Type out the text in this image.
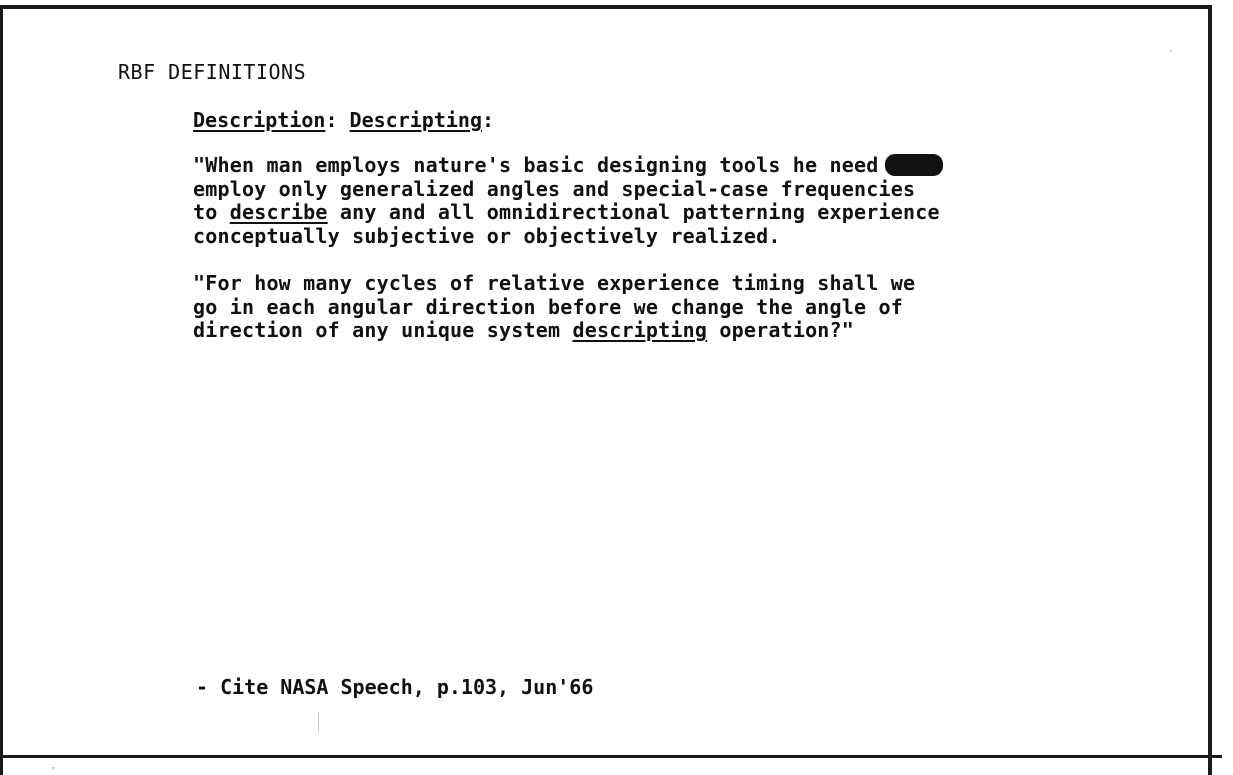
RBF DEFINITIONS
Description: Descripting:
"When man employs nature's basic designing tools he need
employ only generalized angles and special-case frequencies
to describe any and all omnidirectional patterning experience
conceptually subjective or objectively realized.
"For how many cycles of relative experience timing shall we
go in each angular direction before we change the angle of
direction of any unique system descripting operation?"
- Cite NASA Speech, p.103, Jun'66
